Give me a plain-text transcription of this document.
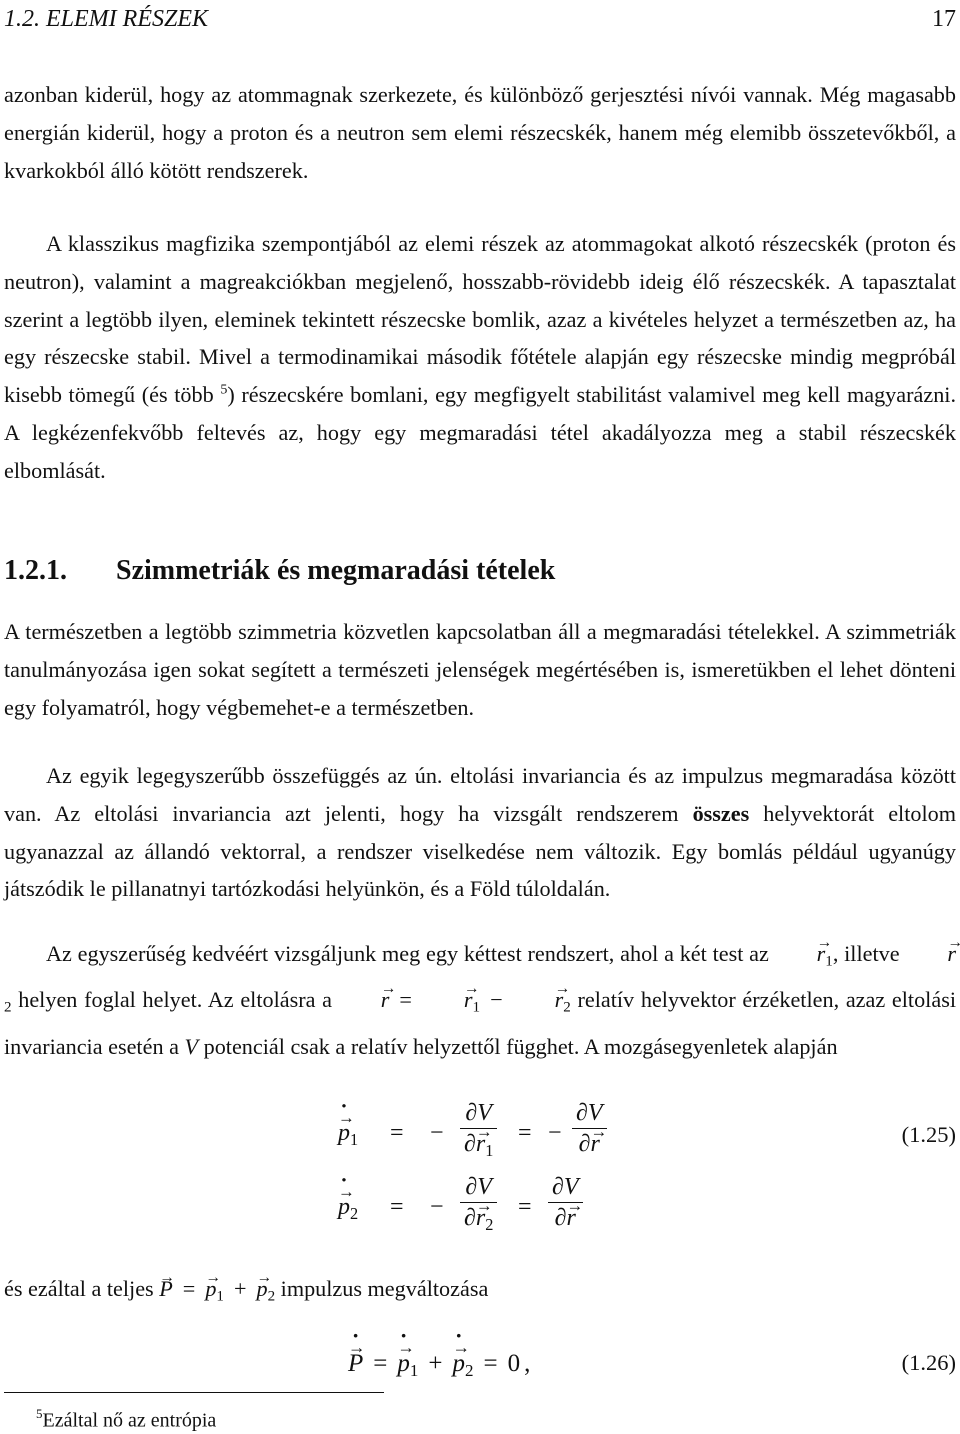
1.2. ELEMI RÉSZEK	17

azonban kiderül, hogy az atommagnak szerkezete, és különböző gerjesztési nívói vannak. Még magasabb energián kiderül, hogy a proton és a neutron sem elemi részecskék, hanem még elemibb összetevőkből, a kvarkokból álló kötött rendszerek.

A klasszikus magfizika szempontjából az elemi részek az atommagokat alkotó részecskék (proton és neutron), valamint a magreakciókban megjelenő, hosszabb-rövidebb ideig élő részecskék. A tapasztalat szerint a legtöbb ilyen, eleminek tekintett részecske bomlik, azaz a kivételes helyzet a természetben az, ha egy részecske stabil. Mivel a termodinamikai második főtétele alapján egy részecske mindig megpróbál kisebb tömegű (és több $^5$) részecskére bomlani, egy megfigyelt stabilitást valamivel meg kell magyarázni. A legkézenfekvőbb feltevés az, hogy egy megmaradási tétel akadályozza meg a stabil részecskék elbomlását.

1.2.1. Szimmetriák és megmaradási tételek

A természetben a legtöbb szimmetria közvetlen kapcsolatban áll a megmaradási tételekkel. A szimmetriák tanulmányozása igen sokat segített a természeti jelenségek megértésében is, ismeretükben el lehet dönteni egy folyamatról, hogy végbemehet-e a természetben.

Az egyik legegyszerűbb összefüggés az ún. eltolási invariancia és az impulzus megmaradása között van. Az eltolási invariancia azt jelenti, hogy ha vizsgált rendszerem összes helyvektorát eltolom ugyanazzal az állandó vektorral, a rendszer viselkedése nem változik. Egy bomlás például ugyanúgy játszódik le pillanatnyi tartózkodási helyünkön, és a Föld túloldalán.

Az egyszerűség kedvéért vizsgáljunk meg egy kéttest rendszert, ahol a két test az → $r_1$, illetve → $r_2$ helyen foglal helyet. Az eltolásra $a \to r =\to r_1 -\to r_2$ relatív helyvektor érzéketlen, azaz eltolási invariancia esetén a V potenciál csak a relatív helyzettől függhet. A mozgásegyenletek alapján

→ $p \cdot_1$ = − $\frac{\partial V}{\partial\to r_1}$ = − $\frac{\partial V}{\partial\to r}$	(1.25)
→ $p \cdot_2$ = − $\frac{\partial V}{\partial\to r_2} = \frac{\partial V}{\partial\to r}$

és ezáltal a teljes → $P =\to p_1 +\to p_2$ impulzus megváltozása

→ P · =→ $p \cdot_1 +\to p \cdot_2 = 0$ ,	(1.26)
$^5$Ezáltal nő az entrópia
